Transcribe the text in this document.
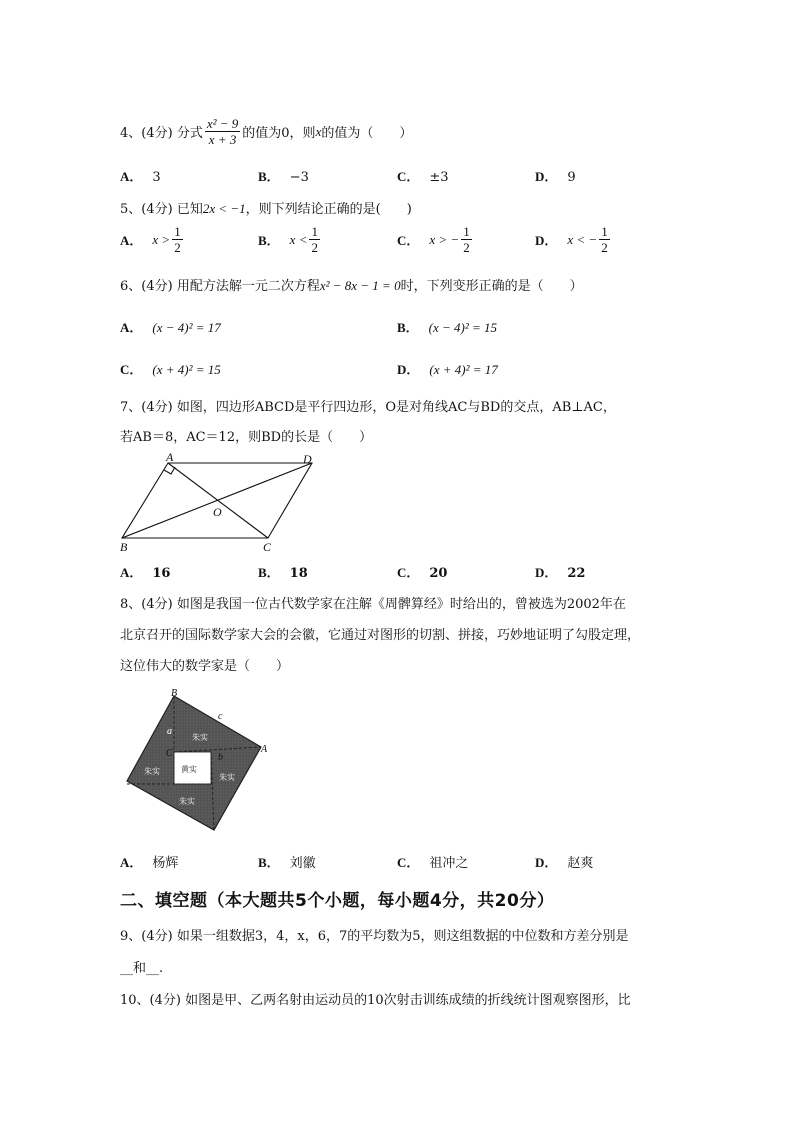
4、(4分) 分式 $\frac{\text{x² − 9}}{x + 3}$ 的值为0，则 x 的值为（　　）
A． 3	B． −3	C． ±3	D． 9
5、(4分) 已知2x < −1，则下列结论正确的是(　　)
A． $x > \frac{1}{2}$	B． $x < \frac{1}{2}$	C． x > − $\frac{1}{2}$	D． x < − $\frac{1}{2}$
6、(4分) 用配方法解一元二次方程x² − 8x − 1 = 0时，下列变形正确的是（　　）
A． (x − 4)² = 17	B． (x − 4)² = 15
C． (x + 4)² = 15	D． (x + 4)² = 17
7、(4分) 如图，四边形ABCD是平行四边形，O是对角线AC与BD的交点，AB⊥AC，
若AB＝8，AC＝12，则BD的长是（　　）
A	D
O
B	C
A． 16	B． 18	C． 20	D． 22
8、(4分) 如图是我国一位古代数学家在注解《周髀算经》时给出的，曾被选为2002年在
北京召开的国际数学家大会的会徽，它通过对图形的切割、拼接，巧妙地证明了勾股定理，
这位伟大的数学家是（　　）
朱实
朱实
朱实
朱实
黄实
B
A
C
a
b
c
A． 杨辉	B． 刘徽	C． 祖冲之	D． 赵爽
二、填空题（本大题共5个小题，每小题4分，共20分）
9、(4分) 如果一组数据3，4，x，6，7的平均数为5，则这组数据的中位数和方差分别是
__和__.
10、(4分) 如图是甲、乙两名射由运动员的10次射击训练成绩的折线统计图观察图形，比
